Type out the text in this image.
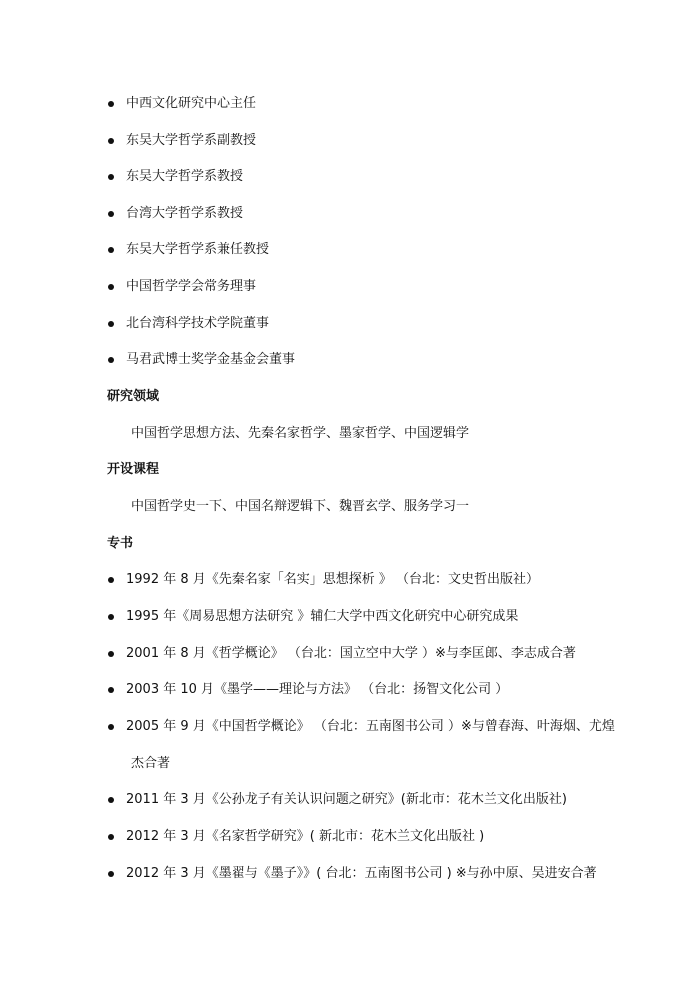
中西文化研究中心主任
东吴大学哲学系副教授
东吴大学哲学系教授
台湾大学哲学系教授
东吴大学哲学系兼任教授
中国哲学学会常务理事
北台湾科学技术学院董事
马君武博士奖学金基金会董事
研究领域
中国哲学思想方法、先秦名家哲学、墨家哲学、中国逻辑学
开设课程
中国哲学史一下、中国名辩逻辑下、魏晋玄学、服务学习一
专书
1992 年 8 月《先秦名家「名实」思想探析 》 （台北：文史哲出版社）
1995 年《周易思想方法研究 》辅仁大学中西文化研究中心研究成果
2001 年 8 月《哲学概论》 （台北：国立空中大学 ）※与李匡郎、李志成合著
2003 年 10 月《墨学——理论与方法》 （台北：扬智文化公司 ）
2005 年 9 月《中国哲学概论》 （台北：五南图书公司 ）※与曾春海、叶海烟、尤煌
杰合著
2011 年 3 月《公孙龙子有关认识问题之研究》(新北市：花木兰文化出版社)
2012 年 3 月《名家哲学研究》( 新北市：花木兰文化出版社 )
2012 年 3 月《墨翟与《墨子》》( 台北：五南图书公司 ) ※与孙中原、吴进安合著
